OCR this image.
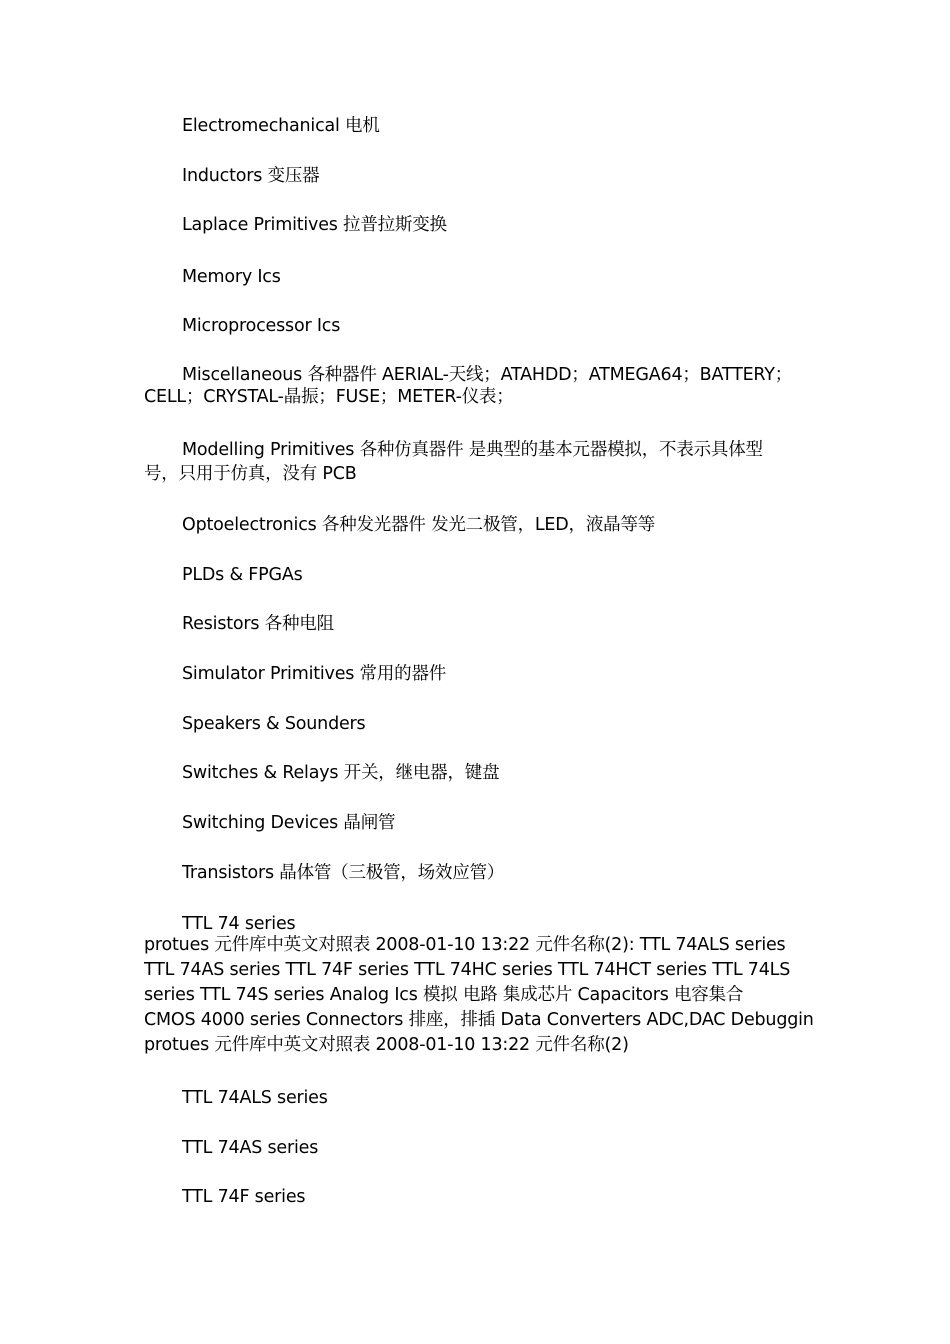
Electromechanical 电机
Inductors 变压器
Laplace Primitives 拉普拉斯变换
Memory Ics
Microprocessor Ics
Miscellaneous 各种器件 AERIAL-天线；ATAHDD；ATMEGA64；BATTERY；
CELL；CRYSTAL-晶振；FUSE；METER-仪表；
Modelling Primitives 各种仿真器件 是典型的基本元器模拟，不表示具体型
号，只用于仿真，没有 PCB
Optoelectronics 各种发光器件 发光二极管，LED，液晶等等
PLDs & FPGAs
Resistors 各种电阻
Simulator Primitives 常用的器件
Speakers & Sounders
Switches & Relays 开关，继电器，键盘
Switching Devices 晶闸管
Transistors 晶体管（三极管，场效应管）
TTL 74 series
protues 元件库中英文对照表 2008-01-10 13:22 元件名称(2): TTL 74ALS series
TTL 74AS series TTL 74F series TTL 74HC series TTL 74HCT series TTL 74LS
series TTL 74S series Analog Ics 模拟 电路 集成芯片 Capacitors 电容集合
CMOS 4000 series Connectors 排座，排插 Data Converters ADC,DAC Debuggin
protues 元件库中英文对照表 2008-01-10 13:22 元件名称(2)
TTL 74ALS series
TTL 74AS series
TTL 74F series
